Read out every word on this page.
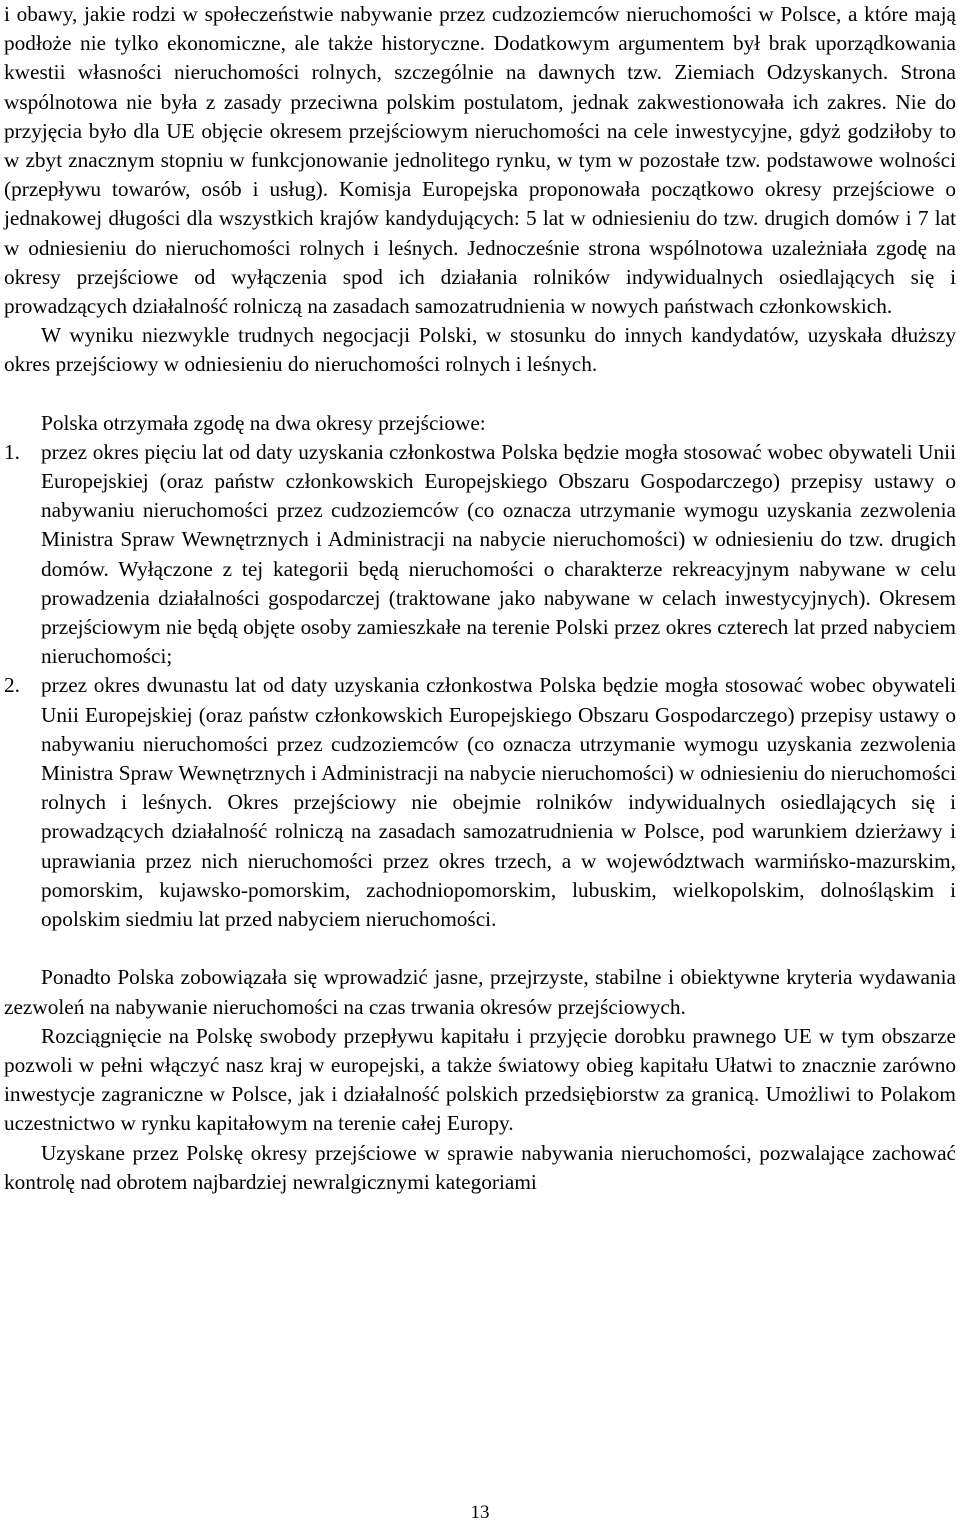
i obawy, jakie rodzi w społeczeństwie nabywanie przez cudzoziemców nieruchomości w Polsce, a które mają podłoże nie tylko ekonomiczne, ale także historyczne. Dodatkowym argumentem był brak uporządkowania kwestii własności nieruchomości rolnych, szczególnie na dawnych tzw. Ziemiach Odzyskanych. Strona wspólnotowa nie była z zasady przeciwna polskim postulatom, jednak zakwestionowała ich zakres. Nie do przyjęcia było dla UE objęcie okresem przejściowym nieruchomości na cele inwestycyjne, gdyż godziłoby to w zbyt znacznym stopniu w funkcjonowanie jednolitego rynku, w tym w pozostałe tzw. podstawowe wolności (przepływu towarów, osób i usług). Komisja Europejska proponowała początkowo okresy przejściowe o jednakowej długości dla wszystkich krajów kandydujących: 5 lat w odniesieniu do tzw. drugich domów i 7 lat w odniesieniu do nieruchomości rolnych i leśnych. Jednocześnie strona wspólnotowa uzależniała zgodę na okresy przejściowe od wyłączenia spod ich działania rolników indywidualnych osiedlających się i prowadzących działalność rolniczą na zasadach samozatrudnienia w nowych państwach członkowskich.

W wyniku niezwykle trudnych negocjacji Polski, w stosunku do innych kandydatów, uzyskała dłuższy okres przejściowy w odniesieniu do nieruchomości rolnych i leśnych.

Polska otrzymała zgodę na dwa okresy przejściowe:

1. przez okres pięciu lat od daty uzyskania członkostwa Polska będzie mogła stosować wobec obywateli Unii Europejskiej (oraz państw członkowskich Europejskiego Obszaru Gospodarczego) przepisy ustawy o nabywaniu nieruchomości przez cudzoziemców (co oznacza utrzymanie wymogu uzyskania zezwolenia Ministra Spraw Wewnętrznych i Administracji na nabycie nieruchomości) w odniesieniu do tzw. drugich domów. Wyłączone z tej kategorii będą nieruchomości o charakterze rekreacyjnym nabywane w celu prowadzenia działalności gospodarczej (traktowane jako nabywane w celach inwestycyjnych). Okresem przejściowym nie będą objęte osoby zamieszkałe na terenie Polski przez okres czterech lat przed nabyciem nieruchomości;
2. przez okres dwunastu lat od daty uzyskania członkostwa Polska będzie mogła stosować wobec obywateli Unii Europejskiej (oraz państw członkowskich Europejskiego Obszaru Gospodarczego) przepisy ustawy o nabywaniu nieruchomości przez cudzoziemców (co oznacza utrzymanie wymogu uzyskania zezwolenia Ministra Spraw Wewnętrznych i Administracji na nabycie nieruchomości) w odniesieniu do nieruchomości rolnych i leśnych. Okres przejściowy nie obejmie rolników indywidualnych osiedlających się i prowadzących działalność rolniczą na zasadach samozatrudnienia w Polsce, pod warunkiem dzierżawy i uprawiania przez nich nieruchomości przez okres trzech, a w województwach warmińsko-mazurskim, pomorskim, kujawsko-pomorskim, zachodniopomorskim, lubuskim, wielkopolskim, dolnośląskim i opolskim siedmiu lat przed nabyciem nieruchomości.

Ponadto Polska zobowiązała się wprowadzić jasne, przejrzyste, stabilne i obiektywne kryteria wydawania zezwoleń na nabywanie nieruchomości na czas trwania okresów przejściowych.

Rozciągnięcie na Polskę swobody przepływu kapitału i przyjęcie dorobku prawnego UE w tym obszarze pozwoli w pełni włączyć nasz kraj w europejski, a także światowy obieg kapitału Ułatwi to znacznie zarówno inwestycje zagraniczne w Polsce, jak i działalność polskich przedsiębiorstw za granicą. Umożliwi to Polakom uczestnictwo w rynku kapitałowym na terenie całej Europy.

Uzyskane przez Polskę okresy przejściowe w sprawie nabywania nieruchomości, pozwalające zachować kontrolę nad obrotem najbardziej newralgicznymi kategoriami

13
